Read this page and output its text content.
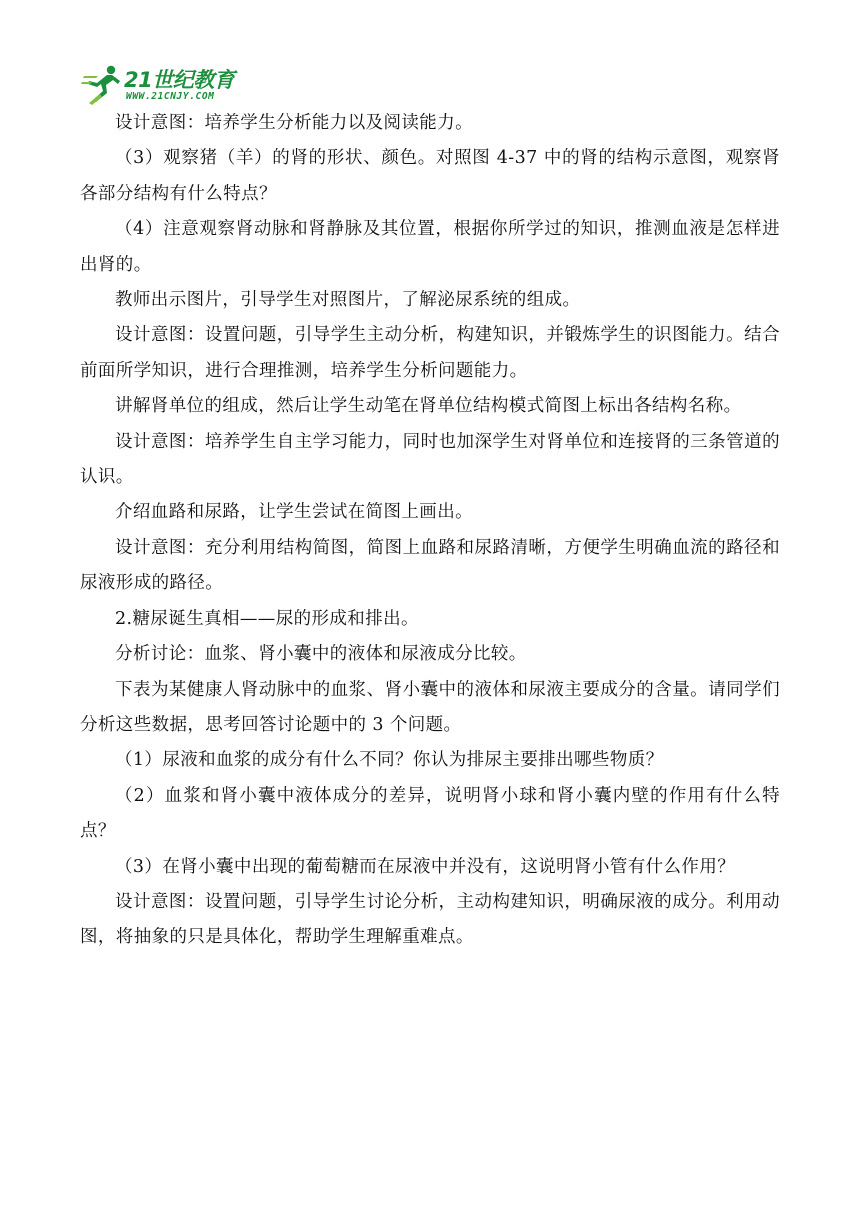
21世纪教育
WWW.21CNJY.COM

设计意图：培养学生分析能力以及阅读能力。

（3）观察猪（羊）的肾的形状、颜色。对照图 4-37 中的肾的结构示意图，观察肾各部分结构有什么特点？

（4）注意观察肾动脉和肾静脉及其位置，根据你所学过的知识，推测血液是怎样进出肾的。

教师出示图片，引导学生对照图片，了解泌尿系统的组成。

设计意图：设置问题，引导学生主动分析，构建知识，并锻炼学生的识图能力。结合前面所学知识，进行合理推测，培养学生分析问题能力。

讲解肾单位的组成，然后让学生动笔在肾单位结构模式简图上标出各结构名称。

设计意图：培养学生自主学习能力，同时也加深学生对肾单位和连接肾的三条管道的认识。

介绍血路和尿路，让学生尝试在简图上画出。

设计意图：充分利用结构简图，简图上血路和尿路清晰，方便学生明确血流的路径和尿液形成的路径。

2.糖尿诞生真相——尿的形成和排出。

分析讨论：血浆、肾小囊中的液体和尿液成分比较。

下表为某健康人肾动脉中的血浆、肾小囊中的液体和尿液主要成分的含量。请同学们分析这些数据，思考回答讨论题中的 3 个问题。

（1）尿液和血浆的成分有什么不同？你认为排尿主要排出哪些物质？

（2）血浆和肾小囊中液体成分的差异，说明肾小球和肾小囊内壁的作用有什么特点？

（3）在肾小囊中出现的葡萄糖而在尿液中并没有，这说明肾小管有什么作用？

设计意图：设置问题，引导学生讨论分析，主动构建知识，明确尿液的成分。利用动图，将抽象的只是具体化，帮助学生理解重难点。
